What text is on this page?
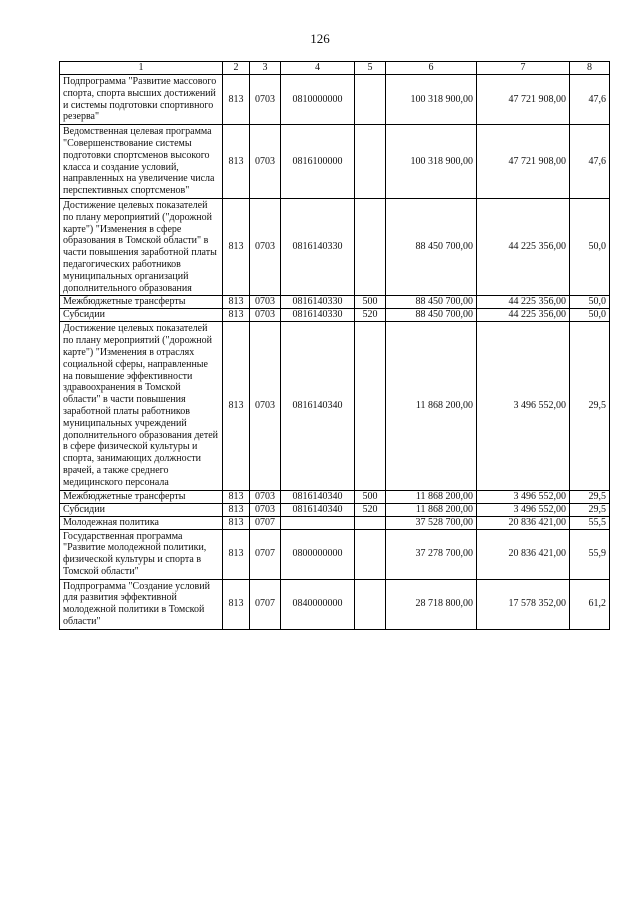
126
1	2	3	4	5	6	7	8
Подпрограмма "Развитие массового спорта, спорта высших достижений и системы подготовки спортивного резерва"	813	0703	0810000000		100 318 900,00	47 721 908,00	47,6
Ведомственная целевая программа "Совершенствование системы подготовки спортсменов высокого класса и создание условий, направленных на увеличение числа перспективных спортсменов"	813	0703	0816100000		100 318 900,00	47 721 908,00	47,6
Достижение целевых показателей по плану мероприятий ("дорожной карте") "Изменения в сфере образования в Томской области" в части повышения заработной платы педагогических работников муниципальных организаций дополнительного образования	813	0703	0816140330		88 450 700,00	44 225 356,00	50,0
Межбюджетные трансферты	813	0703	0816140330	500	88 450 700,00	44 225 356,00	50,0
Субсидии	813	0703	0816140330	520	88 450 700,00	44 225 356,00	50,0
Достижение целевых показателей по плану мероприятий ("дорожной карте") "Изменения в отраслях социальной сферы, направленные на повышение эффективности здравоохранения в Томской области" в части повышения заработной платы работников муниципальных учреждений дополнительного образования детей в сфере физической культуры и спорта, занимающих должности врачей, а также среднего медицинского персонала	813	0703	0816140340		11 868 200,00	3 496 552,00	29,5
Межбюджетные трансферты	813	0703	0816140340	500	11 868 200,00	3 496 552,00	29,5
Субсидии	813	0703	0816140340	520	11 868 200,00	3 496 552,00	29,5
Молодежная политика	813	0707			37 528 700,00	20 836 421,00	55,5
Государственная программа "Развитие молодежной политики, физической культуры и спорта в Томской области"	813	0707	0800000000		37 278 700,00	20 836 421,00	55,9
Подпрограмма "Создание условий для развития эффективной молодежной политики в Томской области"	813	0707	0840000000		28 718 800,00	17 578 352,00	61,2
